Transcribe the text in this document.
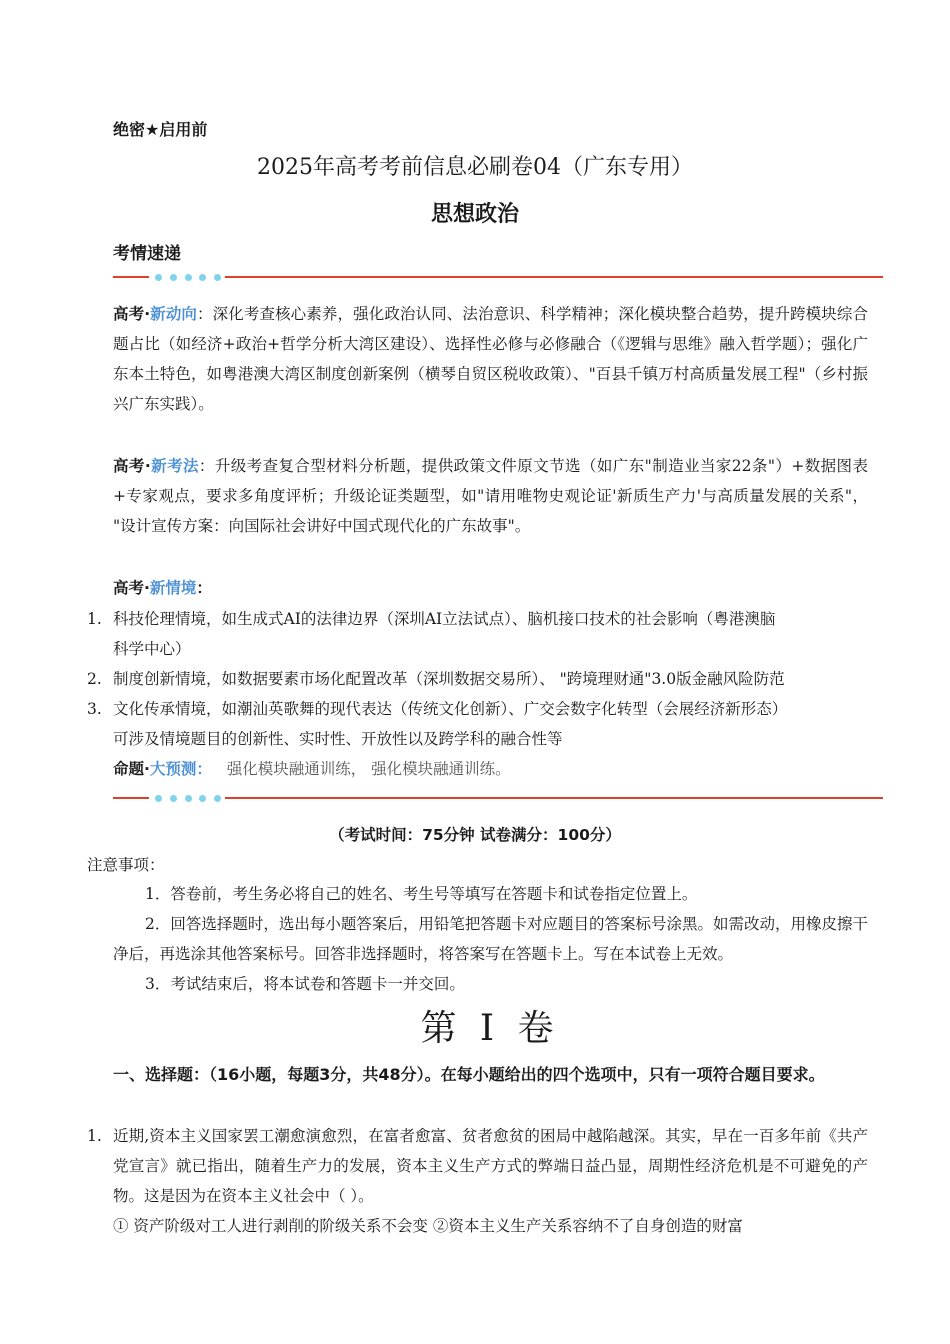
绝密★启用前
2025年高考考前信息必刷卷04（广东专用）
思想政治
考情速递
高考·新动向：深化考查核心素养，强化政治认同、法治意识、科学精神；深化模块整合趋势，提升跨模块综合题占比（如经济+政治+哲学分析大湾区建设）、选择性必修与必修融合（《逻辑与思维》融入哲学题）；强化广东本土特色，如粤港澳大湾区制度创新案例（横琴自贸区税收政策）、"百县千镇万村高质量发展工程"（乡村振兴广东实践）。
高考·新考法：升级考查复合型材料分析题，提供政策文件原文节选（如广东"制造业当家22条"）+数据图表+专家观点，要求多角度评析；升级论证类题型，如"请用唯物史观论证'新质生产力'与高质量发展的关系"， "设计宣传方案：向国际社会讲好中国式现代化的广东故事"。
高考·新情境：
1. 科技伦理情境，如生成式AI的法律边界（深圳AI立法试点）、脑机接口技术的社会影响（粤港澳脑
科学中心）
2. 制度创新情境，如数据要素市场化配置改革（深圳数据交易所）、 "跨境理财通"3.0版金融风险防范
3. 文化传承情境，如潮汕英歌舞的现代表达（传统文化创新）、广交会数字化转型（会展经济新形态）
可涉及情境题目的创新性、实时性、开放性以及跨学科的融合性等
命题·大预测： 强化模块融通训练， 强化模块融通训练。
（考试时间：75分钟 试卷满分：100分）
注意事项：
1．答卷前，考生务必将自己的姓名、考生号等填写在答题卡和试卷指定位置上。
2．回答选择题时，选出每小题答案后，用铅笔把答题卡对应题目的答案标号涂黑。如需改动，用橡皮擦干净后，再选涂其他答案标号。回答非选择题时，将答案写在答题卡上。写在本试卷上无效。
3．考试结束后，将本试卷和答题卡一并交回。
第 I 卷
一、选择题：（16小题，每题3分，共48分）。在每小题给出的四个选项中，只有一项符合题目要求。
1. 近期,资本主义国家罢工潮愈演愈烈，在富者愈富、贫者愈贫的困局中越陷越深。其实，早在一百多年前《共产党宣言》就已指出，随着生产力的发展，资本主义生产方式的弊端日益凸显，周期性经济危机是不可避免的产物。这是因为在资本主义社会中（ ）。
① 资产阶级对工人进行剥削的阶级关系不会变 ②资本主义生产关系容纳不了自身创造的财富
